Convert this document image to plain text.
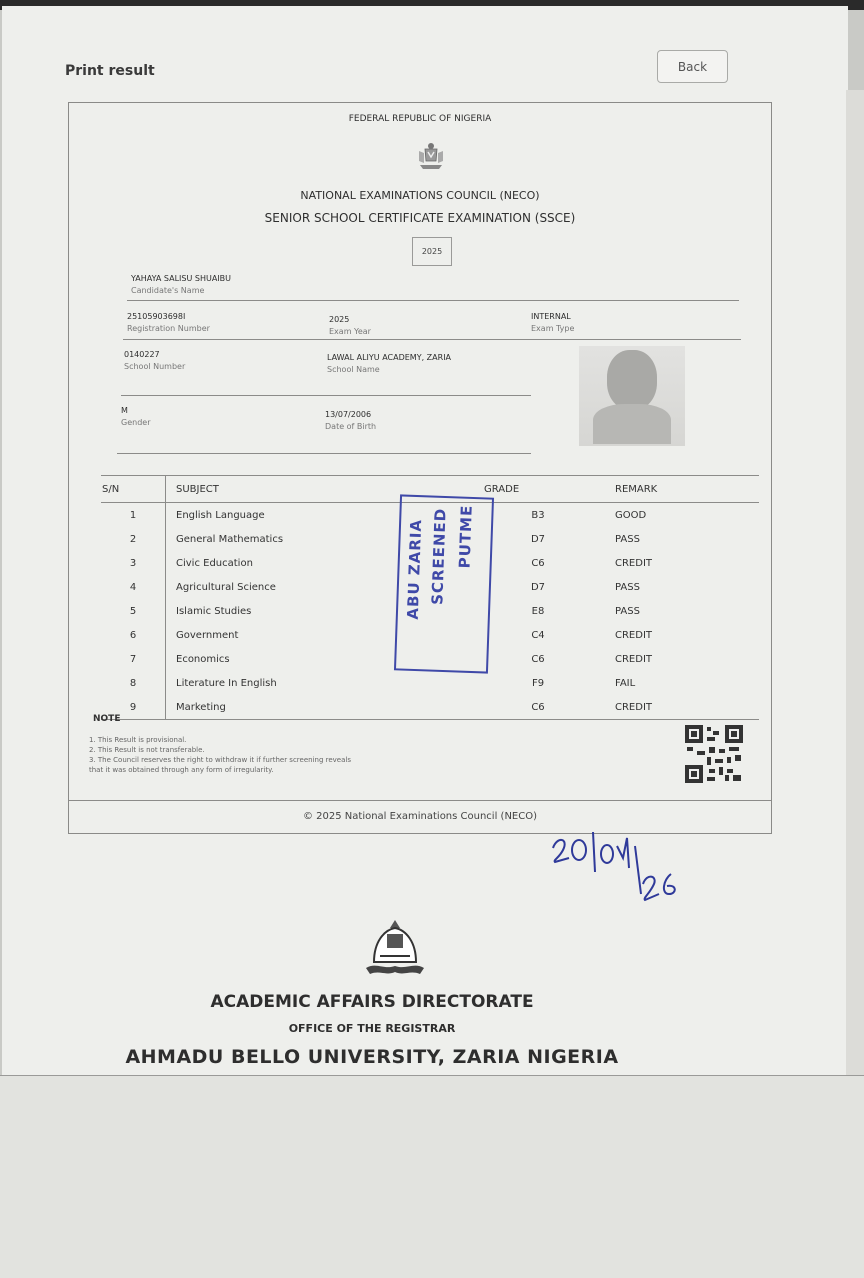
Print result	Back
FEDERAL REPUBLIC OF NIGERIA
NATIONAL EXAMINATIONS COUNCIL (NECO)
SENIOR SCHOOL CERTIFICATE EXAMINATION (SSCE)
2025
YAHAYA SALISU SHUAIBU
Candidate's Name
25105903698I
Registration Number
2025
Exam Year
INTERNAL
Exam Type
0140227
School Number
LAWAL ALIYU ACADEMY, ZARIA
School Name
M
Gender
13/07/2006
Date of Birth
S/N	SUBJECT	GRADE	REMARK
1	English Language	B3	GOOD
2	General Mathematics	D7	PASS
3	Civic Education	C6	CREDIT
4	Agricultural Science	D7	PASS
5	Islamic Studies	E8	PASS
6	Government	C4	CREDIT
7	Economics	C6	CREDIT
8	Literature In English	F9	FAIL
9	Marketing	C6	CREDIT
ABU ZARIA SCREENED PUTME
NOTE
1. This Result is provisional.
2. This Result is not transferable.
3. The Council reserves the right to withdraw it if further screening reveals
that it was obtained through any form of irregularity.
© 2025 National Examinations Council (NECO)
ACADEMIC AFFAIRS DIRECTORATE
OFFICE OF THE REGISTRAR
AHMADU BELLO UNIVERSITY, ZARIA NIGERIA
